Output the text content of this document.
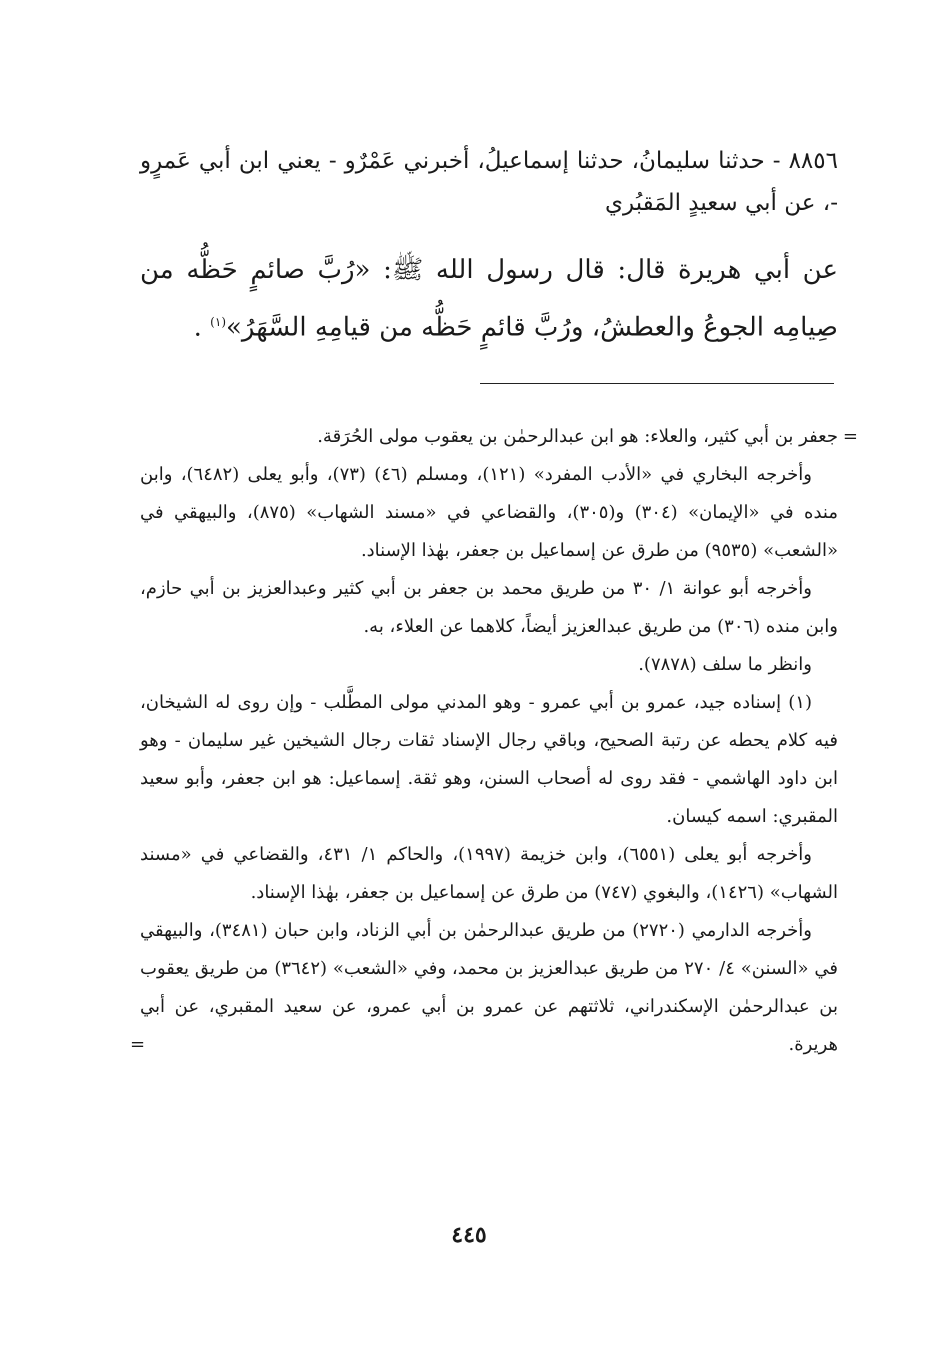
٨٨٥٦ - حدثنا سليمانُ، حدثنا إسماعيلُ، أخبرني عَمْرٌو - يعني ابن أبي عَمرٍو -، عن أبي سعيدٍ المَقبُري

عن أبي هريرة قال: قال رسول الله ﷺ: «رُبَّ صائمٍ حَظُّه من صِيامِه الجوعُ والعطشُ، ورُبَّ قائمٍ حَظُّه من قيامِهِ السَّهَرُ»$^{(١)}$ .

=
جعفر بن أبي كثير، والعلاء: هو ابن عبدالرحمٰن بن يعقوب مولى الحُرَقة.

وأخرجه البخاري في «الأدب المفرد» (١٢١)، ومسلم (٤٦) (٧٣)، وأبو يعلى (٦٤٨٢)، وابن منده في «الإيمان» (٣٠٤) و(٣٠٥)، والقضاعي في «مسند الشهاب» (٨٧٥)، والبيهقي في «الشعب» (٩٥٣٥) من طرق عن إسماعيل بن جعفر، بهٰذا الإسناد.

وأخرجه أبو عوانة ١/ ٣٠ من طريق محمد بن جعفر بن أبي كثير وعبدالعزيز بن أبي حازم، وابن منده (٣٠٦) من طريق عبدالعزيز أيضاً، كلاهما عن العلاء، به.

وانظر ما سلف (٧٨٧٨).

(١) إسناده جيد، عمرو بن أبي عمرو - وهو المدني مولى المطَّلب - وإن روى له الشيخان، فيه كلام يحطه عن رتبة الصحيح، وباقي رجال الإسناد ثقات رجال الشيخين غير سليمان - وهو ابن داود الهاشمي - فقد روى له أصحاب السنن، وهو ثقة. إسماعيل: هو ابن جعفر، وأبو سعيد المقبري: اسمه كيسان.

وأخرجه أبو يعلى (٦٥٥١)، وابن خزيمة (١٩٩٧)، والحاكم ١/ ٤٣١، والقضاعي في «مسند الشهاب» (١٤٢٦)، والبغوي (٧٤٧) من طرق عن إسماعيل بن جعفر، بهٰذا الإسناد.

وأخرجه الدارمي (٢٧٢٠) من طريق عبدالرحمٰن بن أبي الزناد، وابن حبان (٣٤٨١)، والبيهقي في «السنن» ٤/ ٢٧٠ من طريق عبدالعزيز بن محمد، وفي «الشعب» (٣٦٤٢) من طريق يعقوب بن عبدالرحمٰن الإسكندراني، ثلاثتهم عن عمرو بن أبي عمرو، عن سعيد المقبري، عن أبي هريرة.
=

٤٤٥
